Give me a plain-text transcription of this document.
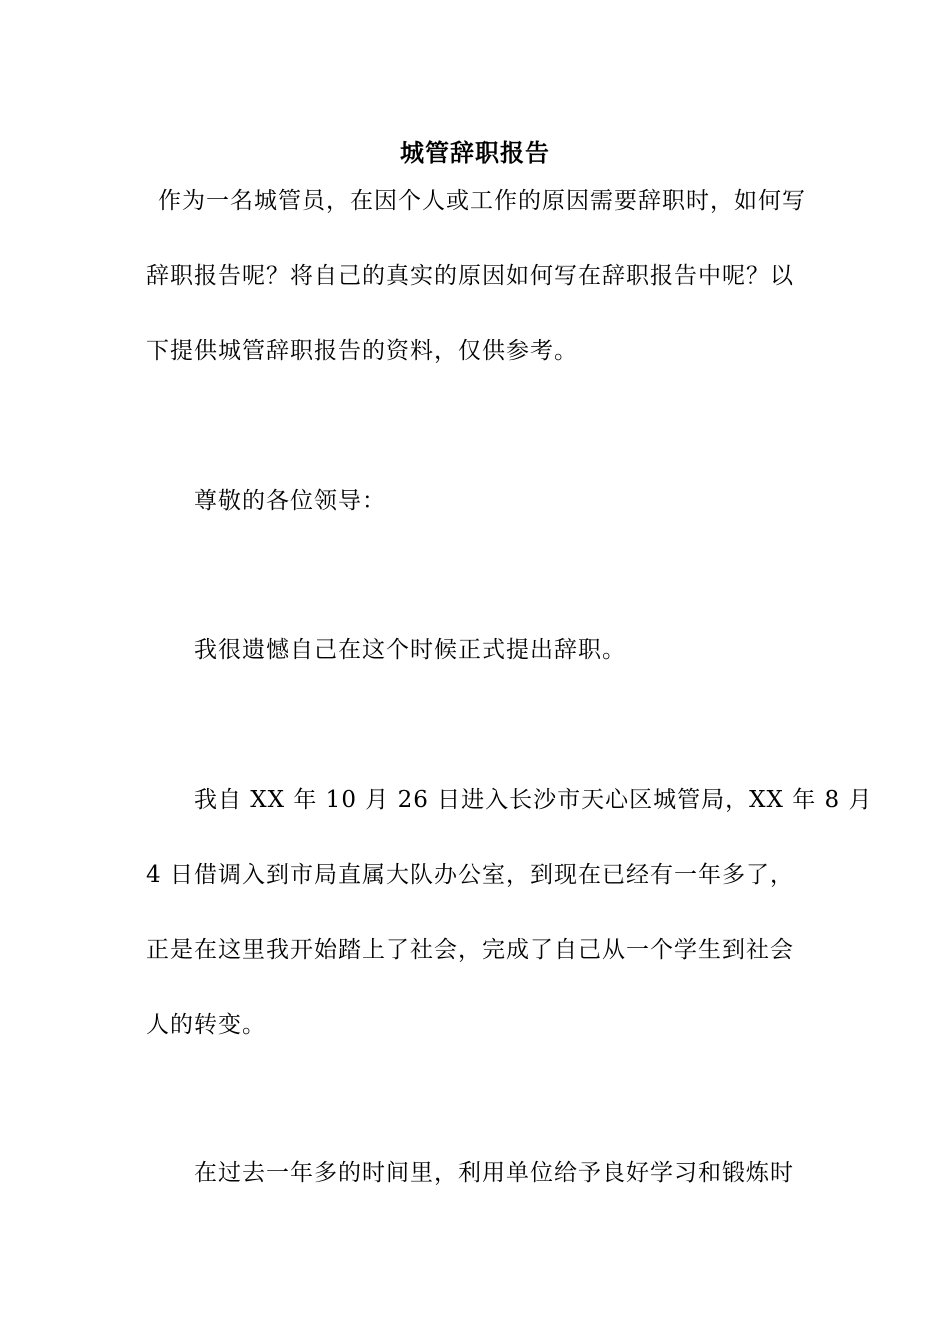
城管辞职报告
作为一名城管员，在因个人或工作的原因需要辞职时，如何写
辞职报告呢？将自己的真实的原因如何写在辞职报告中呢？以
下提供城管辞职报告的资料，仅供参考。
尊敬的各位领导：
我很遗憾自己在这个时候正式提出辞职。
我自 XX 年 10 月 26 日进入长沙市天心区城管局，XX 年 8 月
4 日借调入到市局直属大队办公室，到现在已经有一年多了，
正是在这里我开始踏上了社会，完成了自己从一个学生到社会
人的转变。
在过去一年多的时间里，利用单位给予良好学习和锻炼时
